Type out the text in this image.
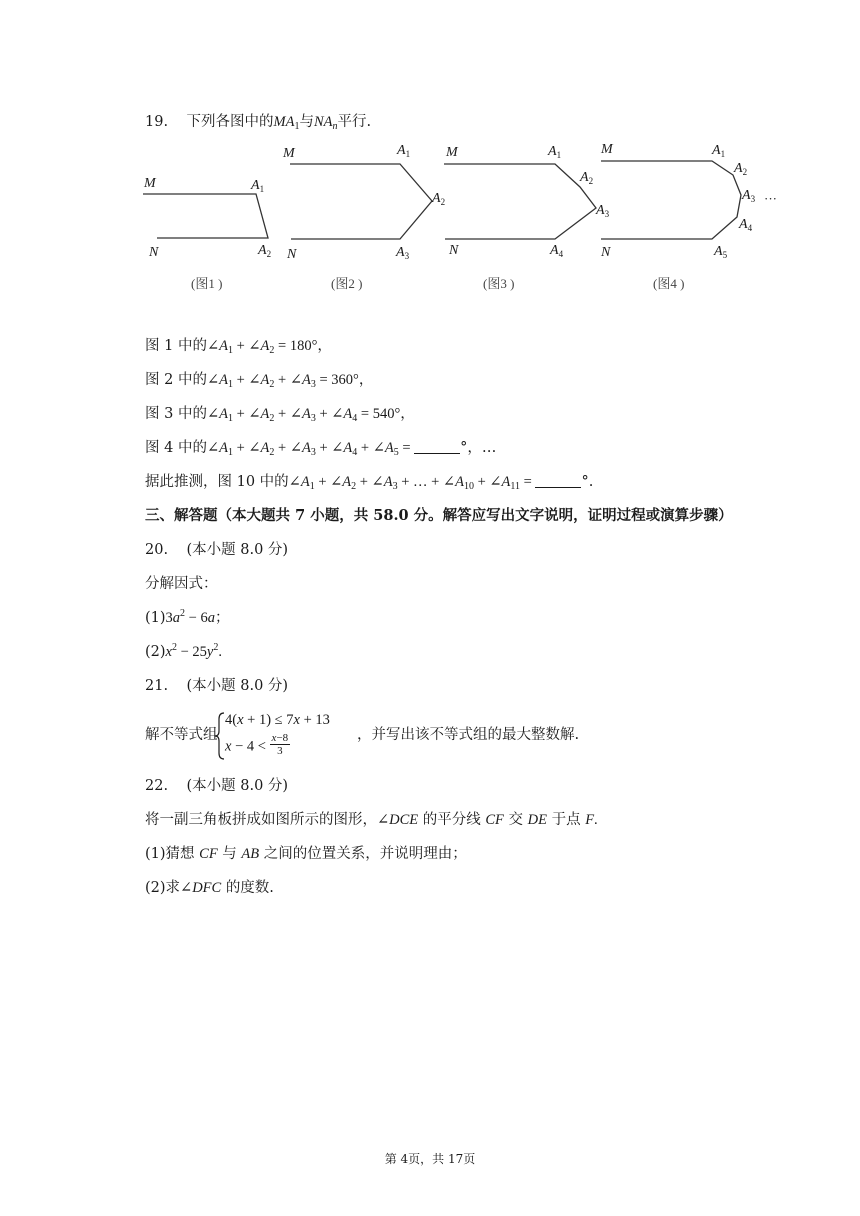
19. 下列各图中的$MA_1$与$NA_n$平行.
M
N
$A_1$
$A_2$
M
N
$A_1$
$A_2$
$A_3$
M
N
$A_1$
$A_2$
$A_3$
$A_4$
M
N
$A_1$
$A_2$
$A_3$
$A_4$
$A_5$
···
(图1 )	(图2 )	(图3 )	(图4 )
图 1 中的$\angle A_1$ + $\angle A_2 = 180^\circ$，
图 2 中的$\angle A_1$ + $\angle A_2$ + $\angle A_3 = 360^\circ$，
图 3 中的$\angle A_1$ + $\angle A_2$ + $\angle A_3$ + $\angle A_4 = 540^\circ$，
图 4 中的$\angle A_1$ + $\angle A_2$ + $\angle A_3$ + $\angle A_4$ + $\angle A_5$ =	°，…
据此推测，图 10 中的$\angle A_1$ + $\angle A_2$ + $\angle A_3$ + … + $\angle A_{10}$ + $\angle A_{11}$ =	°.
三、解答题（本大题共 7 小题，共 58.0 分。解答应写出文字说明，证明过程或演算步骤）
20. (本小题 8.0 分)
分解因式：
$(1)3a^2 - 6a$；
$(2)x^2 - 25y^2$.
21. (本小题 8.0 分)
解不等式组
4(x + 1) ≤ 7x + 13
$x - 4 < \frac{x-8}{3}$	，并写出该不等式组的最大整数解.
22. (本小题 8.0 分)
将一副三角板拼成如图所示的图形，∠DCE 的平分线 CF 交 DE 于点 F.
(1)猜想 CF 与 AB 之间的位置关系，并说明理由；
(2)求∠DFC 的度数.
第 4页，共 17页
